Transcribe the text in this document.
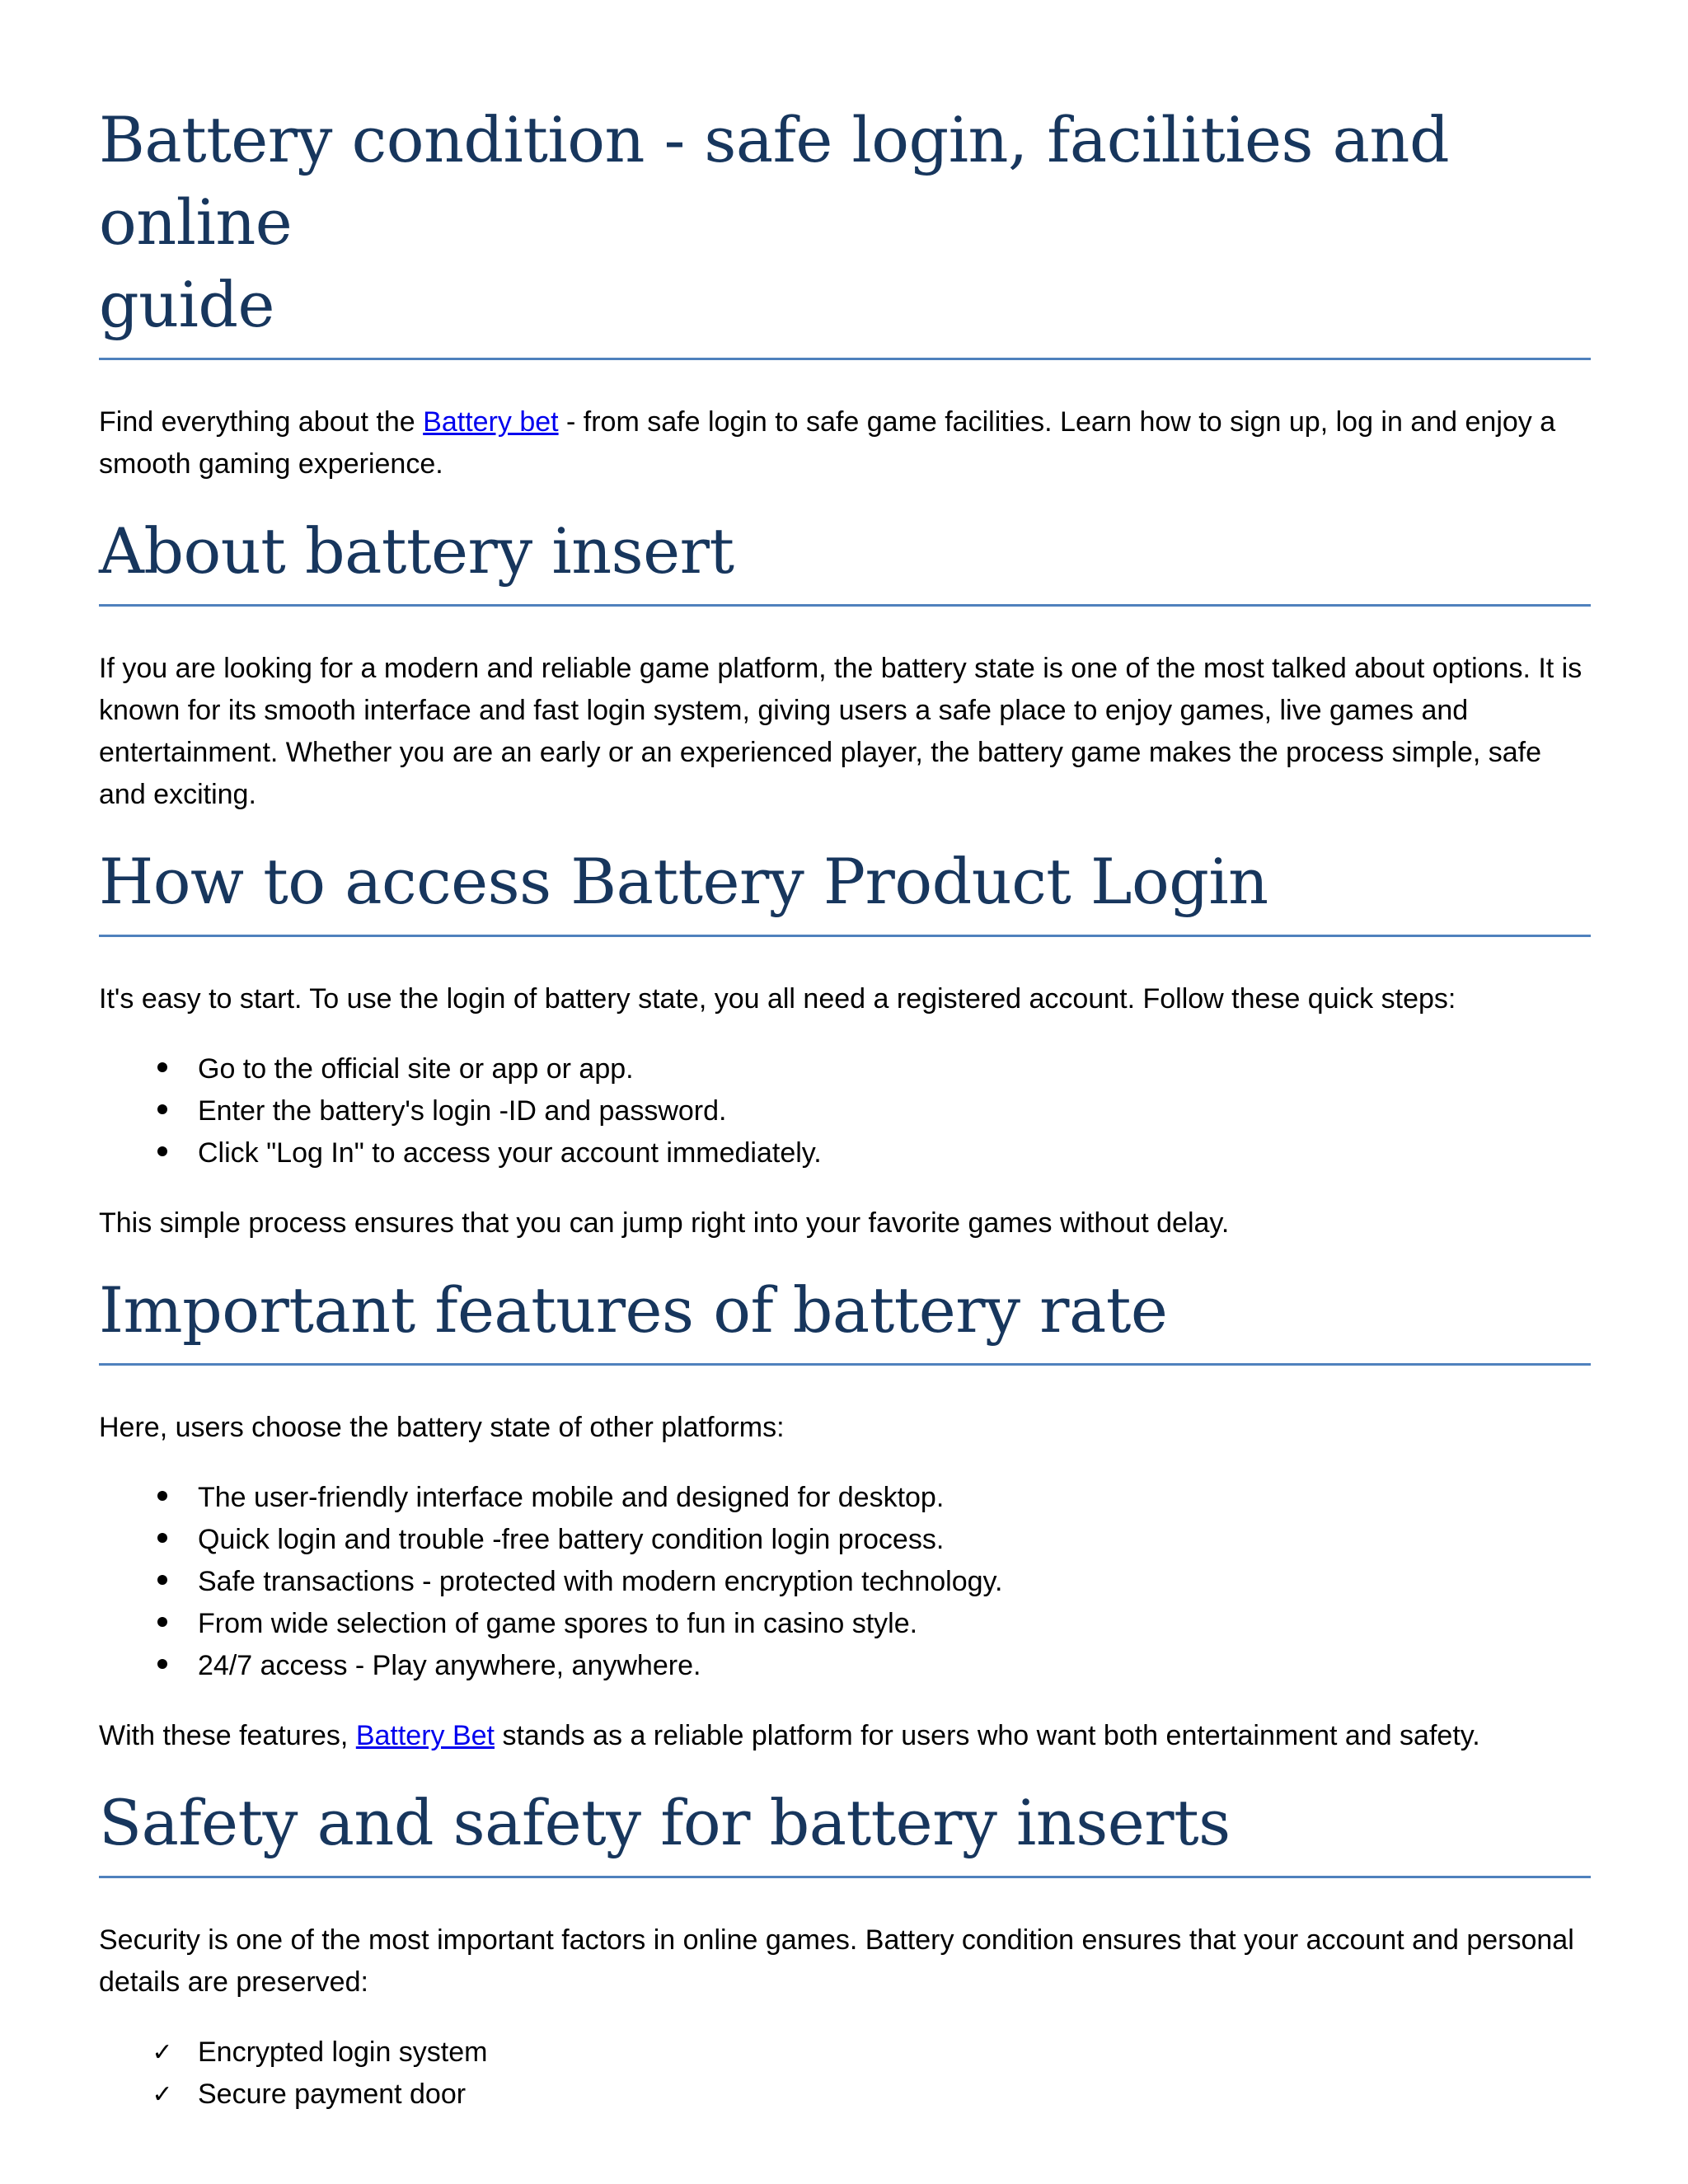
Battery condition - safe login, facilities and online
guide

Find everything about the Battery bet - from safe login to safe game facilities. Learn how to sign up, log in and enjoy a smooth gaming experience.

About battery insert

If you are looking for a modern and reliable game platform, the battery state is one of the most talked about options. It is known for its smooth interface and fast login system, giving users a safe place to enjoy games, live games and entertainment. Whether you are an early or an experienced player, the battery game makes the process simple, safe and exciting.

How to access Battery Product Login

It's easy to start. To use the login of battery state, you all need a registered account. Follow these quick steps:

Go to the official site or app or app.
Enter the battery's login -ID and password.
Click "Log In" to access your account immediately.

This simple process ensures that you can jump right into your favorite games without delay.

Important features of battery rate

Here, users choose the battery state of other platforms:

The user-friendly interface mobile and designed for desktop.
Quick login and trouble -free battery condition login process.
Safe transactions - protected with modern encryption technology.
From wide selection of game spores to fun in casino style.
24/7 access - Play anywhere, anywhere.

With these features, Battery Bet stands as a reliable platform for users who want both entertainment and safety.

Safety and safety for battery inserts

Security is one of the most important factors in online games. Battery condition ensures that your account and personal details are preserved:

✓ Encrypted login system
✓ Secure payment door
